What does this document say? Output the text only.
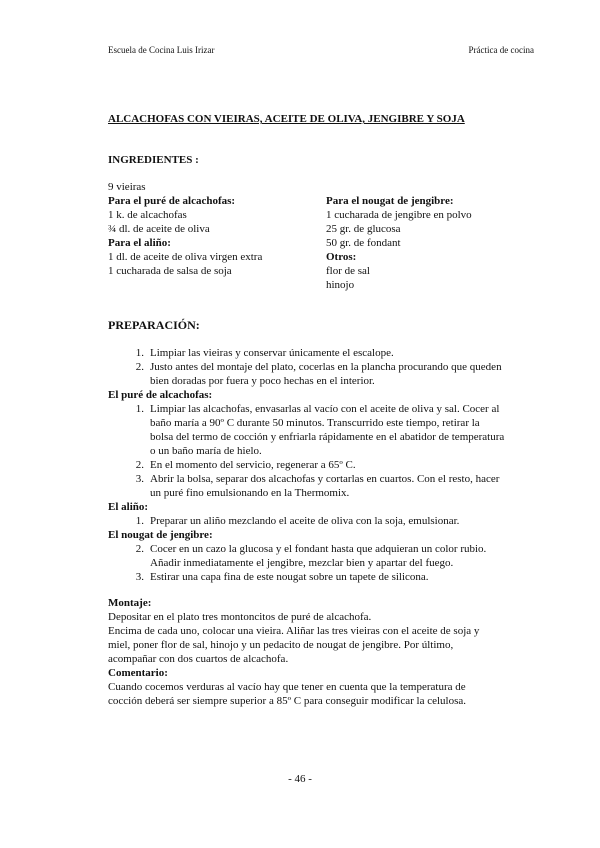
Escuela de Cocina Luis Irizar	Práctica de cocina
ALCACHOFAS CON VIEIRAS, ACEITE DE OLIVA, JENGIBRE Y SOJA
INGREDIENTES :
9 vieiras
Para el puré de alcachofas:
1 k. de alcachofas
¾ dl. de aceite de oliva
Para el aliño:
1 dl. de aceite de oliva virgen extra
1 cucharada de salsa de soja
Para el nougat de jengibre:
1 cucharada de jengibre en polvo
25 gr. de glucosa
50 gr. de fondant
Otros:
flor de sal
hinojo
PREPARACIÓN:
1. Limpiar las vieiras y conservar únicamente el escalope.
2. Justo antes del montaje del plato, cocerlas en la plancha procurando que queden
bien doradas por fuera y poco hechas en el interior.
El puré de alcachofas:
1. Limpiar las alcachofas, envasarlas al vacío con el aceite de oliva y sal. Cocer al
baño maría a 90º C durante 50 minutos. Transcurrido este tiempo, retirar la
bolsa del termo de cocción y enfriarla rápidamente en el abatidor de temperatura
o un baño maría de hielo.
2. En el momento del servicio, regenerar a 65º C.
3. Abrir la bolsa, separar dos alcachofas y cortarlas en cuartos. Con el resto, hacer
un puré fino emulsionando en la Thermomix.
El aliño:
1. Preparar un aliño mezclando el aceite de oliva con la soja, emulsionar.
El nougat de jengibre:
2. Cocer en un cazo la glucosa y el fondant hasta que adquieran un color rubio.
Añadir inmediatamente el jengibre, mezclar bien y apartar del fuego.
3. Estirar una capa fina de este nougat sobre un tapete de silicona.
Montaje:
Depositar en el plato tres montoncitos de puré de alcachofa.
Encima de cada uno, colocar una vieira. Aliñar las tres vieiras con el aceite de soja y
miel, poner flor de sal, hinojo y un pedacito de nougat de jengibre. Por último,
acompañar con dos cuartos de alcachofa.
Comentario:
Cuando cocemos verduras al vacío hay que tener en cuenta que la temperatura de
cocción deberá ser siempre superior a 85º C para conseguir modificar la celulosa.
- 46 -
